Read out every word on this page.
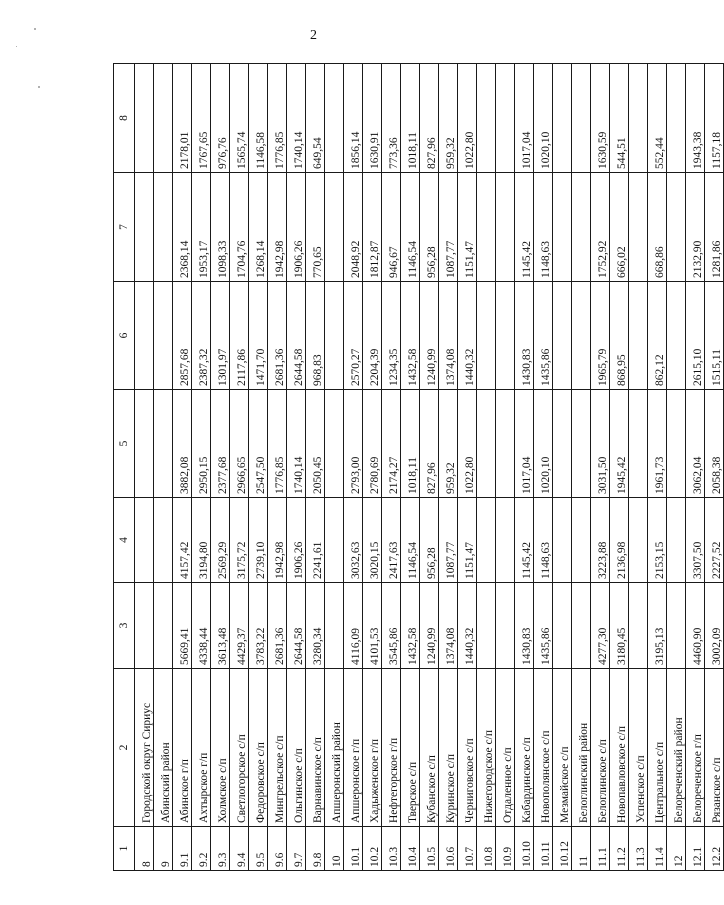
2
1	2	3	4	5	6	7	8
8	Городской округ Сириус						
9	Абинский район						
9.1	Абинское г/п	5669,41	4157,42	3882,08	2857,68	2368,14	2178,01
9.2	Ахтырское г/п	4338,44	3194,80	2950,15	2387,32	1953,17	1767,65
9.3	Холмское с/п	3613,48	2569,29	2377,68	1301,97	1098,33	976,76
9.4	Светлогорское с/п	4429,37	3175,72	2966,65	2117,86	1704,76	1565,74
9.5	Федоровское с/п	3783,22	2739,10	2547,50	1471,70	1268,14	1146,58
9.6	Мингрельское с/п	2681,36	1942,98	1776,85	2681,36	1942,98	1776,85
9.7	Ольгинское с/п	2644,58	1906,26	1740,14	2644,58	1906,26	1740,14
9.8	Варнавинское с/п	3280,34	2241,61	2050,45	968,83	770,65	649,54
10	Апшеронский район						
10.1	Апшеронское г/п	4116,09	3032,63	2793,00	2570,27	2048,92	1856,14
10.2	Хадыженское г/п	4101,53	3020,15	2780,69	2204,39	1812,87	1630,91
10.3	Нефтегорское г/п	3545,86	2417,63	2174,27	1234,35	946,67	773,36
10.4	Тверское с/п	1432,58	1146,54	1018,11	1432,58	1146,54	1018,11
10.5	Кубанское с/п	1240,99	956,28	827,96	1240,99	956,28	827,96
10.6	Куринское с/п	1374,08	1087,77	959,32	1374,08	1087,77	959,32
10.7	Черниговское с/п	1440,32	1151,47	1022,80	1440,32	1151,47	1022,80
10.8	Нижегородское с/п						
10.9	Отдаленное с/п						
10.10	Кабардинское с/п	1430,83	1145,42	1017,04	1430,83	1145,42	1017,04
10.11	Новополянское с/п	1435,86	1148,63	1020,10	1435,86	1148,63	1020,10
10.12	Мезмайское с/п						
11	Белоглинский район						
11.1	Белоглинское с/п	4277,30	3223,88	3031,50	1965,79	1752,92	1630,59
11.2	Новопавловское с/п	3180,45	2136,98	1945,42	868,95	666,02	544,51
11.3	Успенское с/п						
11.4	Центральное с/п	3195,13	2153,15	1961,73	862,12	668,86	552,44
12	Белореченский район						
12.1	Белореченское г/п	4460,90	3307,50	3062,04	2615,10	2132,90	1943,38
12.2	Рязанское с/п	3002,09	2227,52	2058,38	1515,11	1281,86	1157,18
